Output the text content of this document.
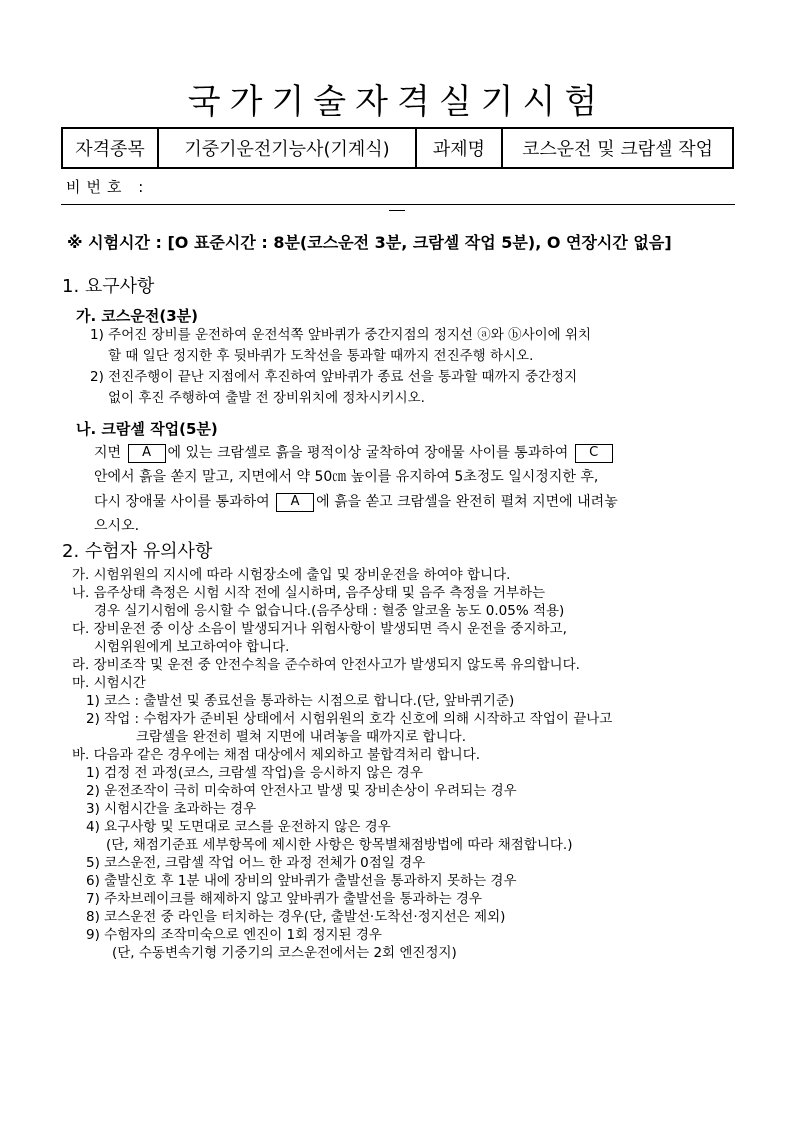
국가기술자격실기시험
자격종목	기중기운전기능사(기계식)	과제명	코스운전 및 크람셀 작업
비번호 :
※ 시험시간 : [O 표준시간 : 8분(코스운전 3분, 크람셀 작업 5분), O 연장시간 없음]
1. 요구사항
가. 코스운전(3분)
1) 주어진 장비를 운전하여 운전석쪽 앞바퀴가 중간지점의 정지선 ⓐ와 ⓑ사이에 위치
할 때 일단 정지한 후 뒷바퀴가 도착선을 통과할 때까지 전진주행 하시오.
2) 전진주행이 끝난 지점에서 후진하여 앞바퀴가 종료 선을 통과할 때까지 중간정지
없이 후진 주행하여 출발 전 장비위치에 정차시키시오.
나. 크람셀 작업(5분)
지면 A 에 있는 크람셀로 흙을 평적이상 굴착하여 장애물 사이를 통과하여 C
안에서 흙을 쏟지 말고, 지면에서 약 50㎝ 높이를 유지하여 5초정도 일시정지한 후,
다시 장애물 사이를 통과하여 A 에 흙을 쏟고 크람셀을 완전히 펼쳐 지면에 내려놓
으시오.
2. 수험자 유의사항
가. 시험위원의 지시에 따라 시험장소에 출입 및 장비운전을 하여야 합니다.
나. 음주상태 측정은 시험 시작 전에 실시하며, 음주상태 및 음주 측정을 거부하는
경우 실기시험에 응시할 수 없습니다.(음주상태 : 혈중 알코올 농도 0.05% 적용)
다. 장비운전 중 이상 소음이 발생되거나 위험사항이 발생되면 즉시 운전을 중지하고,
시험위원에게 보고하여야 합니다.
라. 장비조작 및 운전 중 안전수칙을 준수하여 안전사고가 발생되지 않도록 유의합니다.
마. 시험시간
1) 코스 : 출발선 및 종료선을 통과하는 시점으로 합니다.(단, 앞바퀴기준)
2) 작업 : 수험자가 준비된 상태에서 시험위원의 호각 신호에 의해 시작하고 작업이 끝나고
크람셀을 완전히 펼쳐 지면에 내려놓을 때까지로 합니다.
바. 다음과 같은 경우에는 채점 대상에서 제외하고 불합격처리 합니다.
1) 검정 전 과정(코스, 크람셀 작업)을 응시하지 않은 경우
2) 운전조작이 극히 미숙하여 안전사고 발생 및 장비손상이 우려되는 경우
3) 시험시간을 초과하는 경우
4) 요구사항 및 도면대로 코스를 운전하지 않은 경우
(단, 채점기준표 세부항목에 제시한 사항은 항목별채점방법에 따라 채점합니다.)
5) 코스운전, 크람셀 작업 어느 한 과정 전체가 0점일 경우
6) 출발신호 후 1분 내에 장비의 앞바퀴가 출발선을 통과하지 못하는 경우
7) 주차브레이크를 해제하지 않고 앞바퀴가 출발선을 통과하는 경우
8) 코스운전 중 라인을 터치하는 경우(단, 출발선·도착선·정지선은 제외)
9) 수험자의 조작미숙으로 엔진이 1회 정지된 경우
(단, 수동변속기형 기중기의 코스운전에서는 2회 엔진정지)
